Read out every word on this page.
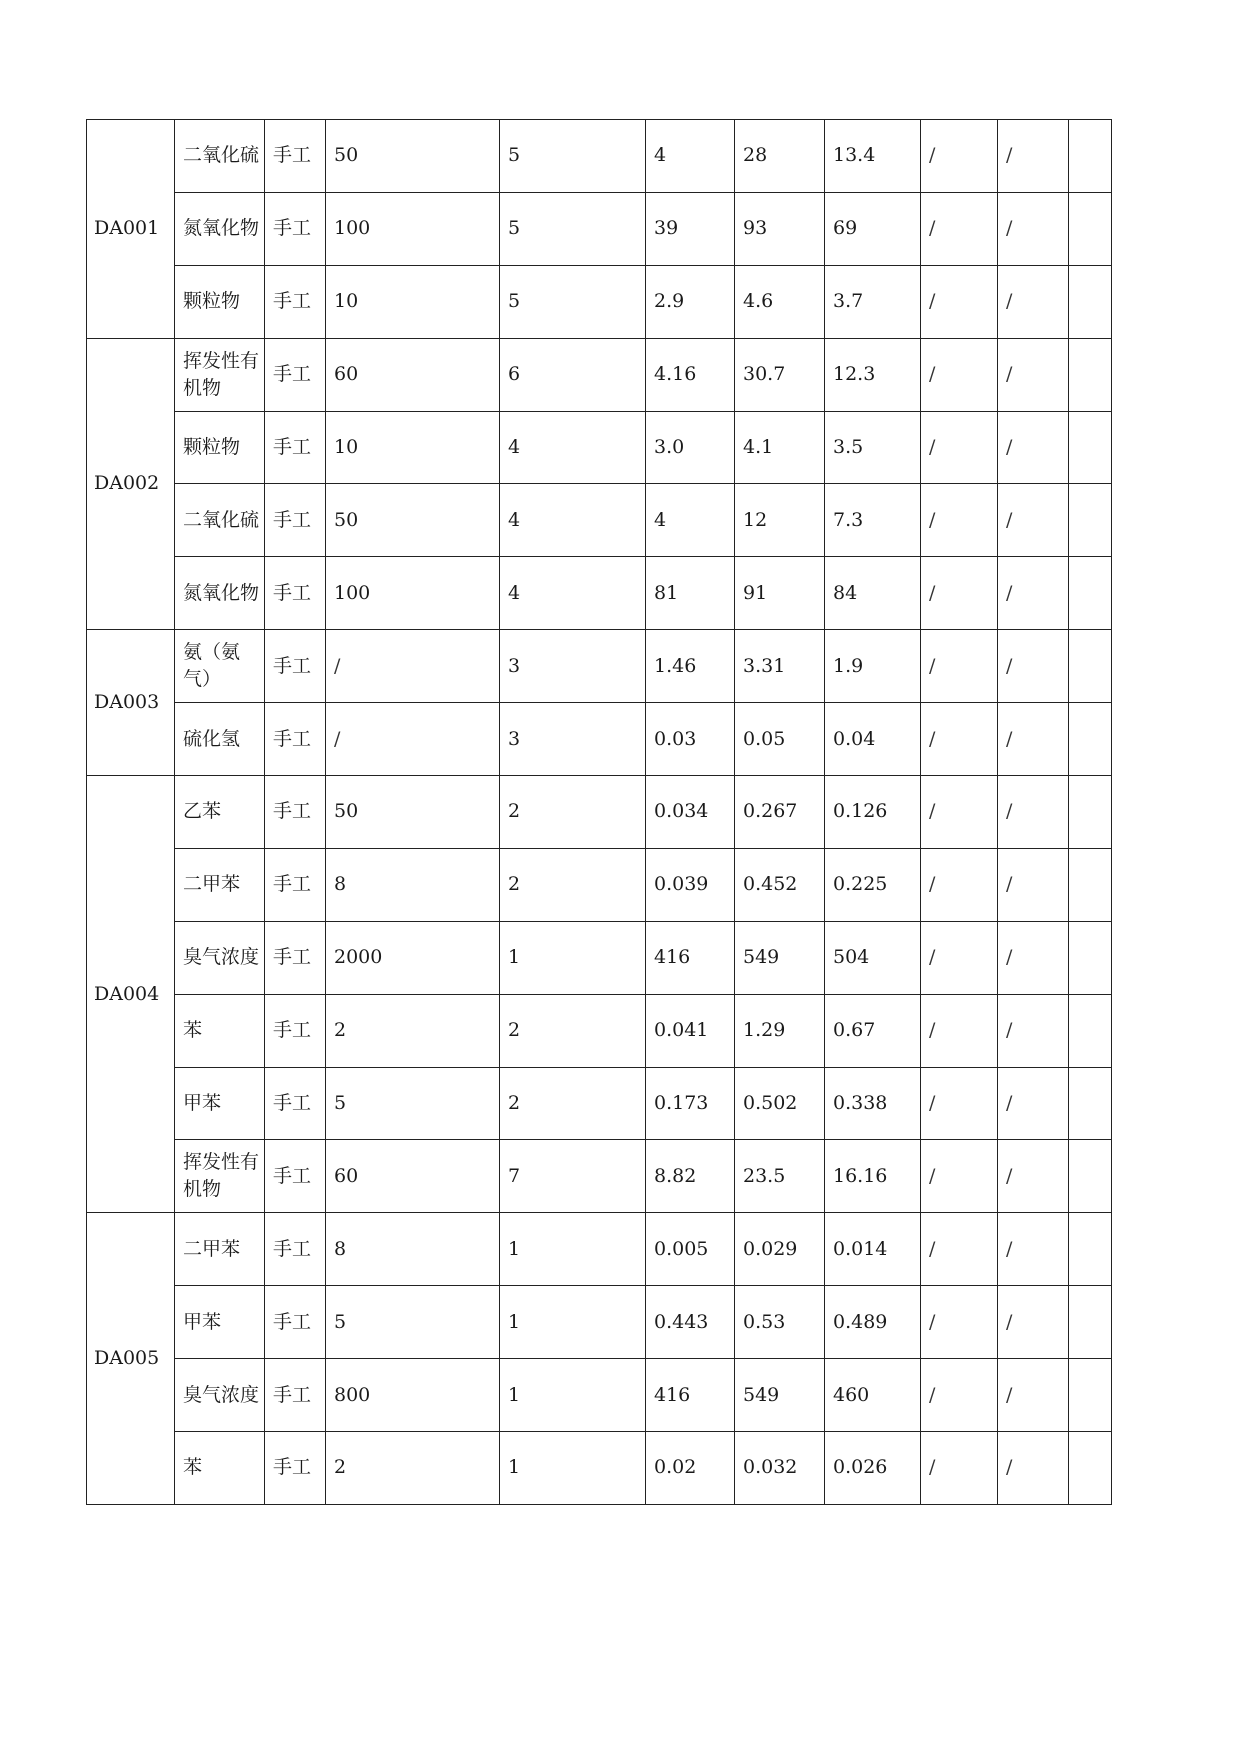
DA001	二氧化硫	手工	50	5	4	28	13.4	/	/	
	氮氧化物	手工	100	5	39	93	69	/	/	
	颗粒物	手工	10	5	2.9	4.6	3.7	/	/	
DA002	挥发性有机物	手工	60	6	4.16	30.7	12.3	/	/	
	颗粒物	手工	10	4	3.0	4.1	3.5	/	/	
	二氧化硫	手工	50	4	4	12	7.3	/	/	
	氮氧化物	手工	100	4	81	91	84	/	/	
DA003	氨（氨气）	手工	/	3	1.46	3.31	1.9	/	/	
	硫化氢	手工	/	3	0.03	0.05	0.04	/	/	
DA004	乙苯	手工	50	2	0.034	0.267	0.126	/	/	
	二甲苯	手工	8	2	0.039	0.452	0.225	/	/	
	臭气浓度	手工	2000	1	416	549	504	/	/	
	苯	手工	2	2	0.041	1.29	0.67	/	/	
	甲苯	手工	5	2	0.173	0.502	0.338	/	/	
	挥发性有机物	手工	60	7	8.82	23.5	16.16	/	/	
DA005	二甲苯	手工	8	1	0.005	0.029	0.014	/	/	
	甲苯	手工	5	1	0.443	0.53	0.489	/	/	
	臭气浓度	手工	800	1	416	549	460	/	/	
	苯	手工	2	1	0.02	0.032	0.026	/	/	
